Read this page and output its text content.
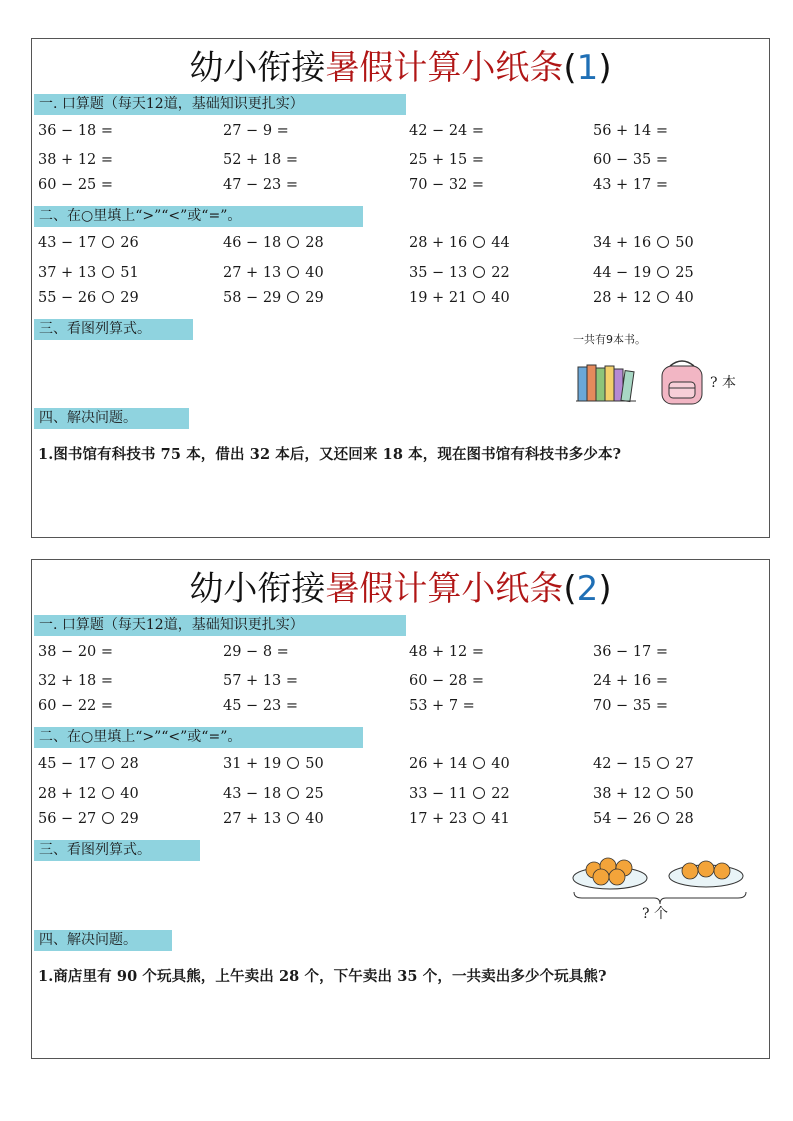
幼小衔接暑假计算小纸条(1)
一. 口算题（每天12道，基础知识更扎实）
36 − 18 =	27 − 9 =	42 − 24 =	56 + 14 =
38 + 12 =	52 + 18 =	25 + 15 =	60 − 35 =
60 − 25 =	47 − 23 =	70 − 32 =	43 + 17 =
二、在○里填上“>”“<”或“=”。
43 − 17 26	46 − 18 28	28 + 16 44	34 + 16 50
37 + 13 51	27 + 13 40	35 − 13 22	44 − 19 25
55 − 26 29	58 − 29 29	19 + 21 40	28 + 12 40
三、看图列算式。
一共有9本书。
? 本
四、解决问题。
1.图书馆有科技书 75 本，借出 32 本后，又还回来 18 本，现在图书馆有科技书多少本?
幼小衔接暑假计算小纸条(2)
一. 口算题（每天12道，基础知识更扎实）
38 − 20 =	29 − 8 =	48 + 12 =	36 − 17 =
32 + 18 =	57 + 13 =	60 − 28 =	24 + 16 =
60 − 22 =	45 − 23 =	53 + 7 =	70 − 35 =
二、在○里填上“>”“<”或“=”。
45 − 17 28	31 + 19 50	26 + 14 40	42 − 15 27
28 + 12 40	43 − 18 25	33 − 11 22	38 + 12 50
56 − 27 29	27 + 13 40	17 + 23 41	54 − 26 28
三、看图列算式。
? 个
四、解决问题。
1.商店里有 90 个玩具熊，上午卖出 28 个，下午卖出 35 个，一共卖出多少个玩具熊?
